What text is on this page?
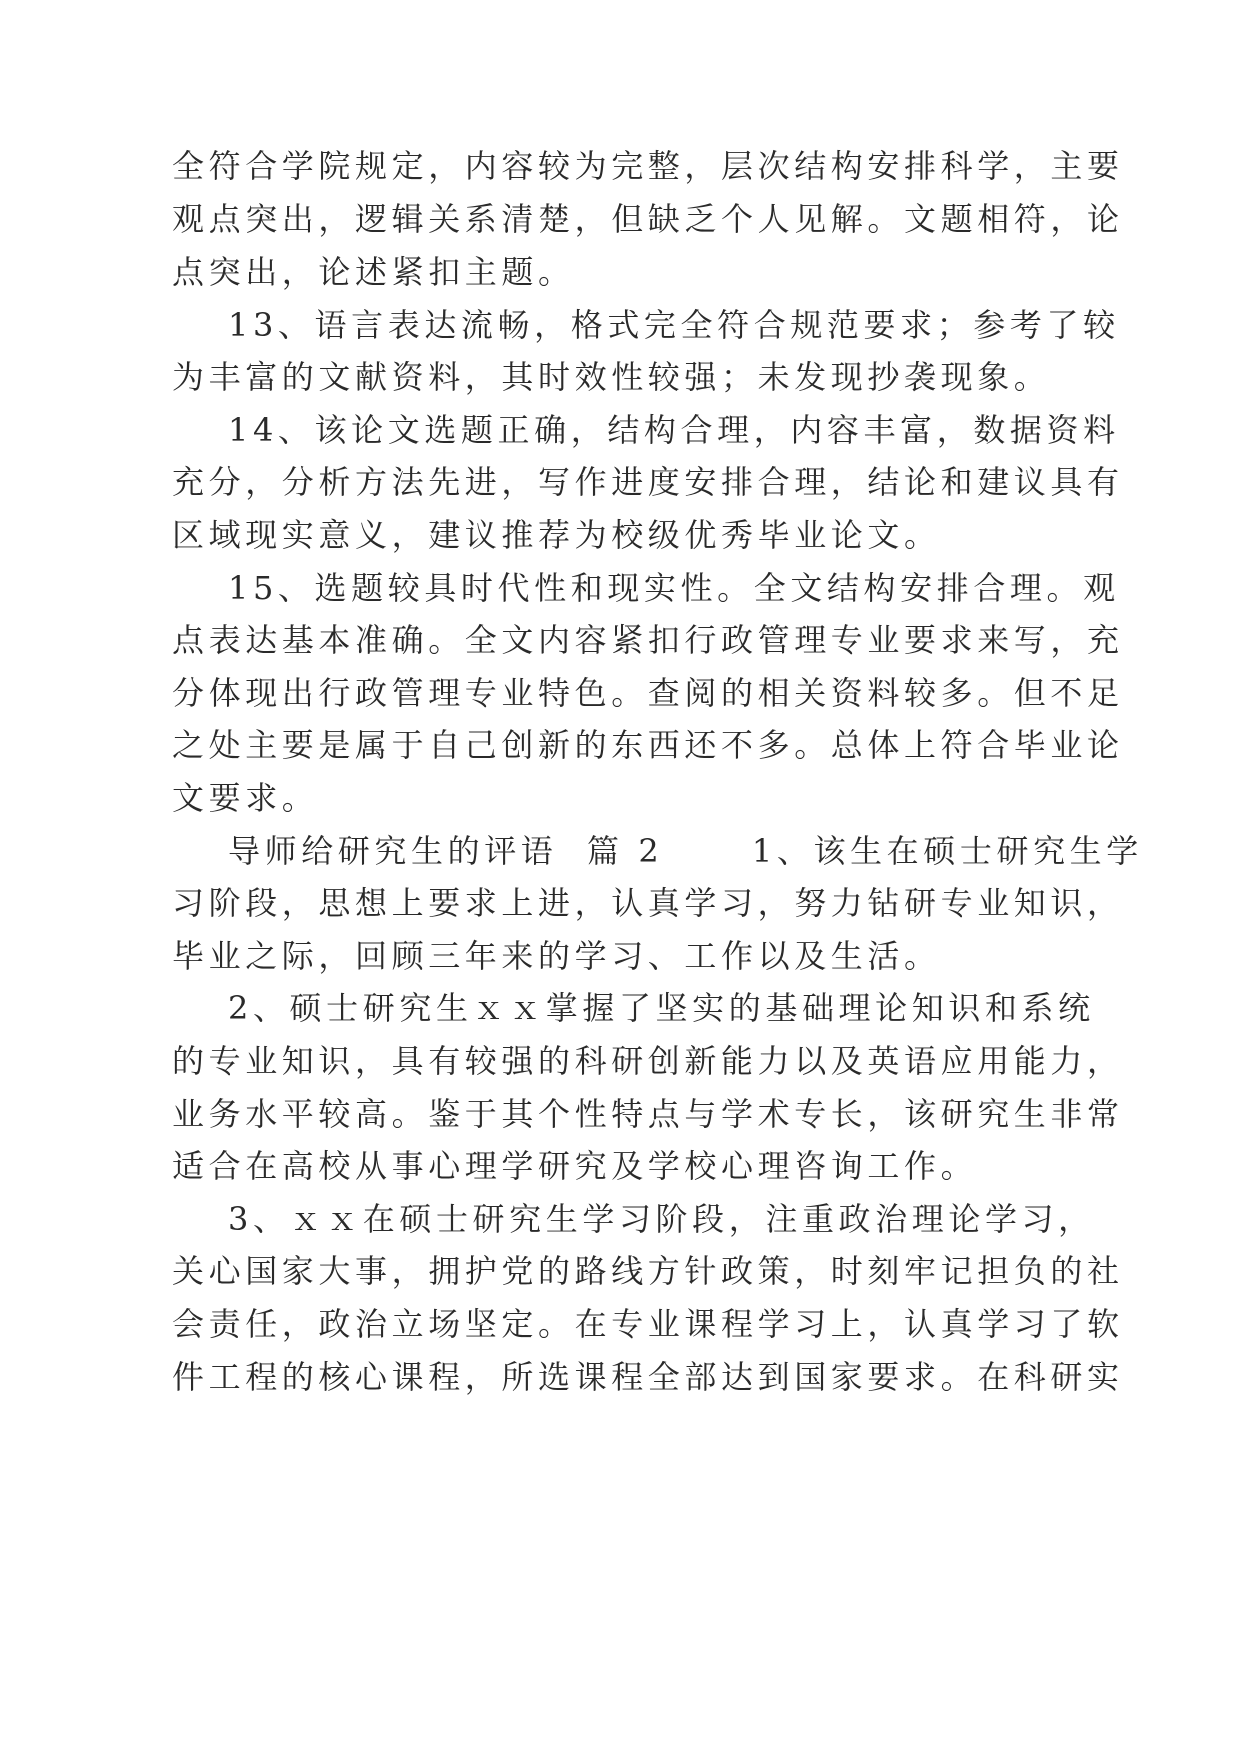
全符合学院规定，内容较为完整，层次结构安排科学，主要

观点突出，逻辑关系清楚，但缺乏个人见解。文题相符，论

点突出，论述紧扣主题。

13、语言表达流畅，格式完全符合规范要求；参考了较

为丰富的文献资料，其时效性较强；未发现抄袭现象。

14、该论文选题正确，结构合理，内容丰富，数据资料

充分，分析方法先进，写作进度安排合理，结论和建议具有

区域现实意义，建议推荐为校级优秀毕业论文。

15、选题较具时代性和现实性。全文结构安排合理。观

点表达基本准确。全文内容紧扣行政管理专业要求来写，充

分体现出行政管理专业特色。查阅的相关资料较多。但不足

之处主要是属于自己创新的东西还不多。总体上符合毕业论

文要求。

导师给研究生的评语  篇 2      1、该生在硕士研究生学

习阶段，思想上要求上进，认真学习，努力钻研专业知识，

毕业之际，回顾三年来的学习、工作以及生活。

2、硕士研究生ｘｘ掌握了坚实的基础理论知识和系统

的专业知识，具有较强的科研创新能力以及英语应用能力，

业务水平较高。鉴于其个性特点与学术专长，该研究生非常

适合在高校从事心理学研究及学校心理咨询工作。

3、ｘｘ在硕士研究生学习阶段，注重政治理论学习，

关心国家大事，拥护党的路线方针政策，时刻牢记担负的社

会责任，政治立场坚定。在专业课程学习上，认真学习了软

件工程的核心课程，所选课程全部达到国家要求。在科研实
